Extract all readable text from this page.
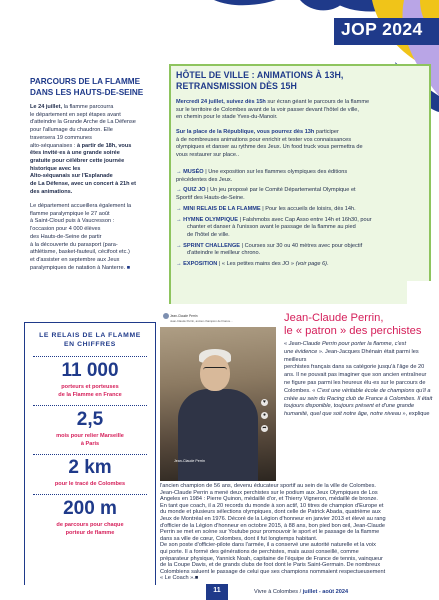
JOP 2024
PARCOURS DE LA FLAMME
DANS LES HAUTS-DE-SEINE
Le 24 juillet, la flamme parcourra
le département en sept étapes avant
d'atteindre la Grande Arche de La Défense
pour l'allumage du chaudron. Elle
traversera 19 communes
alto-séquanaises : à partir de 18h, vous
êtes invité·es à une grande soirée
gratuite pour célébrer cette journée
historique avec les
Alto-séquanais sur l'Esplanade
de La Défense, avec un concert à 21h et
des animations.
Le département accueillera également la
flamme paralympique le 27 août
à Saint-Cloud puis à Vaucresson :
l'occasion pour 4 000 élèves
des Hauts-de-Seine de partir
à la découverte du parasport (para-
athlétisme, basket-fauteuil, cécifoot etc.)
et d'assister en septembre aux Jeux
paralympiques de natation à Nanterre. ■
HÔTEL DE VILLE : ANIMATIONS À 13H,
RETRANSMISSION DÈS 15H
Mercredi 24 juillet, suivez dès 15h sur écran géant le parcours de la flamme
sur le territoire de Colombes avant de la voir passer devant l'hôtel de ville,
en chemin pour le stade Yves-du-Manoir.
Sur la place de la République, vous pourrez dès 13h participer
à de nombreuses animations pour enrichir et tester vos connaissances
olympiques et danser au rythme des Jeux. Un food truck vous permettra de
vous restaurer sur place..
→ MUSÉO | Une exposition sur les flammes olympiques des éditions
précédentes des Jeux.
→ QUIZ JO | Un jeu proposé par le Comité Départemental Olympique et
Sportif des Hauts-de-Seine.
→ MINI RELAIS DE LA FLAMME | Pour les accueils de loisirs, dès 14h.
→ HYMNE OLYMPIQUE | Falshmobs avec Cap Asso entre 14h et 16h30, pour
chanter et danser à l'unisson avant le passage de la flamme au pied
de l'hôtel de ville.
→ SPRINT CHALLENGE | Courses sur 30 ou 40 mètres avec pour objectif
d'atteindre le meilleur chrono.
→ EXPOSITION | « Les petites mains des JO » (voir page 6).
LE RELAIS DE LA FLAMME
EN CHIFFRES
11 000
porteurs et porteuses
de la Flamme en France
2,5
mois pour relier Marseille
à Paris
2 km
pour le tracé de Colombes
200 m
de parcours pour chaque
porteur de flamme
Jean-Claude Perrin
Jean-Claude Perrin, ancien champion de France…
♥
●
➦
Jean-Claude Perrin
Jean-Claude Perrin,
le « patron » des perchistes
« Jean-Claude Perrin pour porter la flamme, c'est
une évidence ». Jean-Jacques Dhénain était parmi les meilleurs
perchistes français dans sa catégorie jusqu'à l'âge de 20
ans. Il ne pouvait pas imaginer que son ancien entraîneur
ne figure pas parmi les heureux élu·es sur le parcours de
Colombes. « C'est une véritable école de champions qu'il a
créée au sein du Racing club de France à Colombes. Il était
toujours disponible, toujours présent et d'une grande
humanité, quel que soit notre âge, notre niveau », explique
l'ancien champion de 56 ans, devenu éducateur sportif au sein de la ville de Colombes.
Jean-Claude Perrin a mené deux perchistes sur le podium aux Jeux Olympiques de Los
Angeles en 1984 : Pierre Quinon, médaillé d'or, et Thierry Vigneron, médaillé de bronze.
En tant que coach, il a 20 records du monde à son actif, 10 titres de champion d'Europe et
du monde et plusieurs sélections olympiques, dont celle de Patrick Abada, quatrième aux
Jeux de Montréal en 1976. Décoré de la Légion d'honneur en janvier 2013 et élevé au rang
d'officier de la Légion d'honneur en octobre 2015, à 88 ans, bon pied bon œil, Jean-Claude
Perrin se met en scène sur Youtube pour promouvoir le sport et le passage de la flamme
dans sa ville de cœur, Colombes, dont il fut longtemps habitant.
De son poste d'officier-pilote dans l'armée, il a conservé une autorité naturelle et la voix
qui porte. Il a formé des générations de perchistes, mais aussi conseillé, comme
préparateur physique, Yannick Noah, capitaine de l'équipe de France de tennis, vainqueur
de la Coupe Davis, et de grands clubs de foot dont le Paris Saint-Germain. De nombreux
Colombiens saluent le passage de celui que ses champions nommaient respectueusement
« Le Coach ».■
11	Vivre à Colombes / juillet - août 2024
